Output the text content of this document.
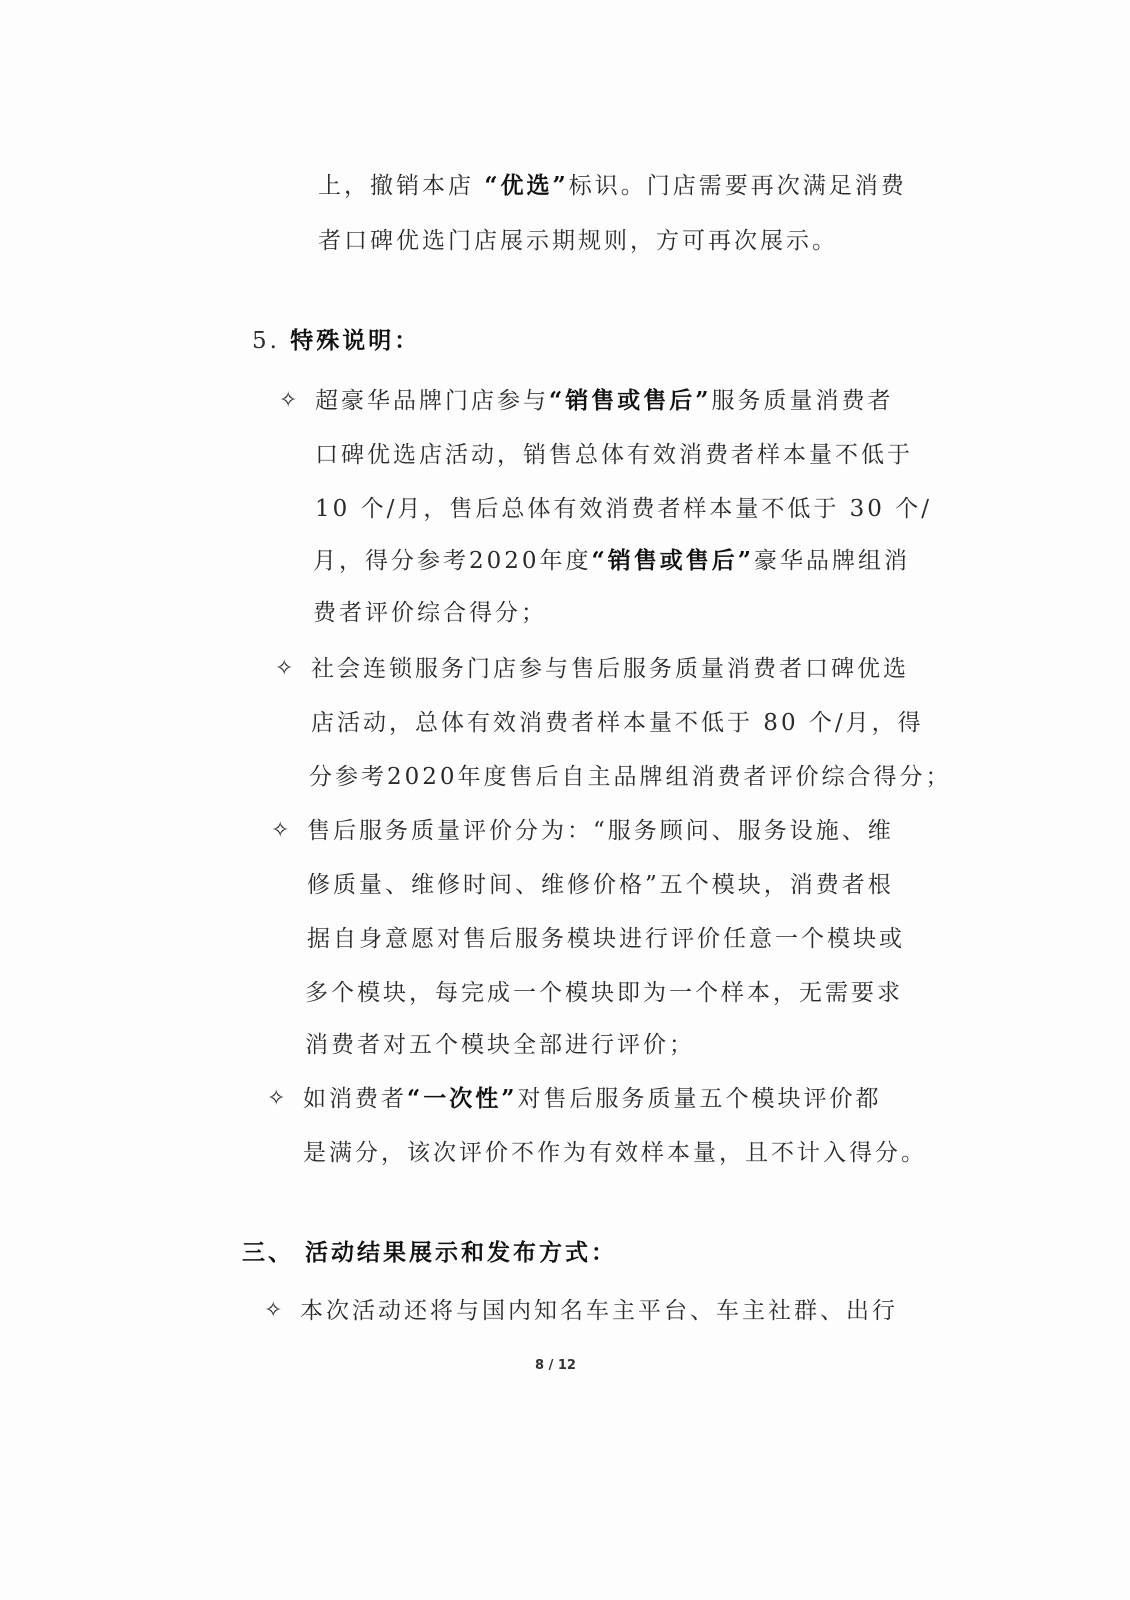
上，撤销本店 “优选”标识。门店需要再次满足消费
者口碑优选门店展示期规则，方可再次展示。
5. 特殊说明：
✧ 超豪华品牌门店参与“销售或售后”服务质量消费者
口碑优选店活动，销售总体有效消费者样本量不低于
10 个/月，售后总体有效消费者样本量不低于 30 个/
月，得分参考2020年度“销售或售后”豪华品牌组消
费者评价综合得分；
✧ 社会连锁服务门店参与售后服务质量消费者口碑优选
店活动，总体有效消费者样本量不低于 80 个/月，得
分参考2020年度售后自主品牌组消费者评价综合得分；
✧ 售后服务质量评价分为：“服务顾问、服务设施、维
修质量、维修时间、维修价格”五个模块，消费者根
据自身意愿对售后服务模块进行评价任意一个模块或
多个模块，每完成一个模块即为一个样本，无需要求
消费者对五个模块全部进行评价；
✧ 如消费者“一次性”对售后服务质量五个模块评价都
是满分，该次评价不作为有效样本量，且不计入得分。
三、 活动结果展示和发布方式：
✧ 本次活动还将与国内知名车主平台、车主社群、出行
8 / 12
